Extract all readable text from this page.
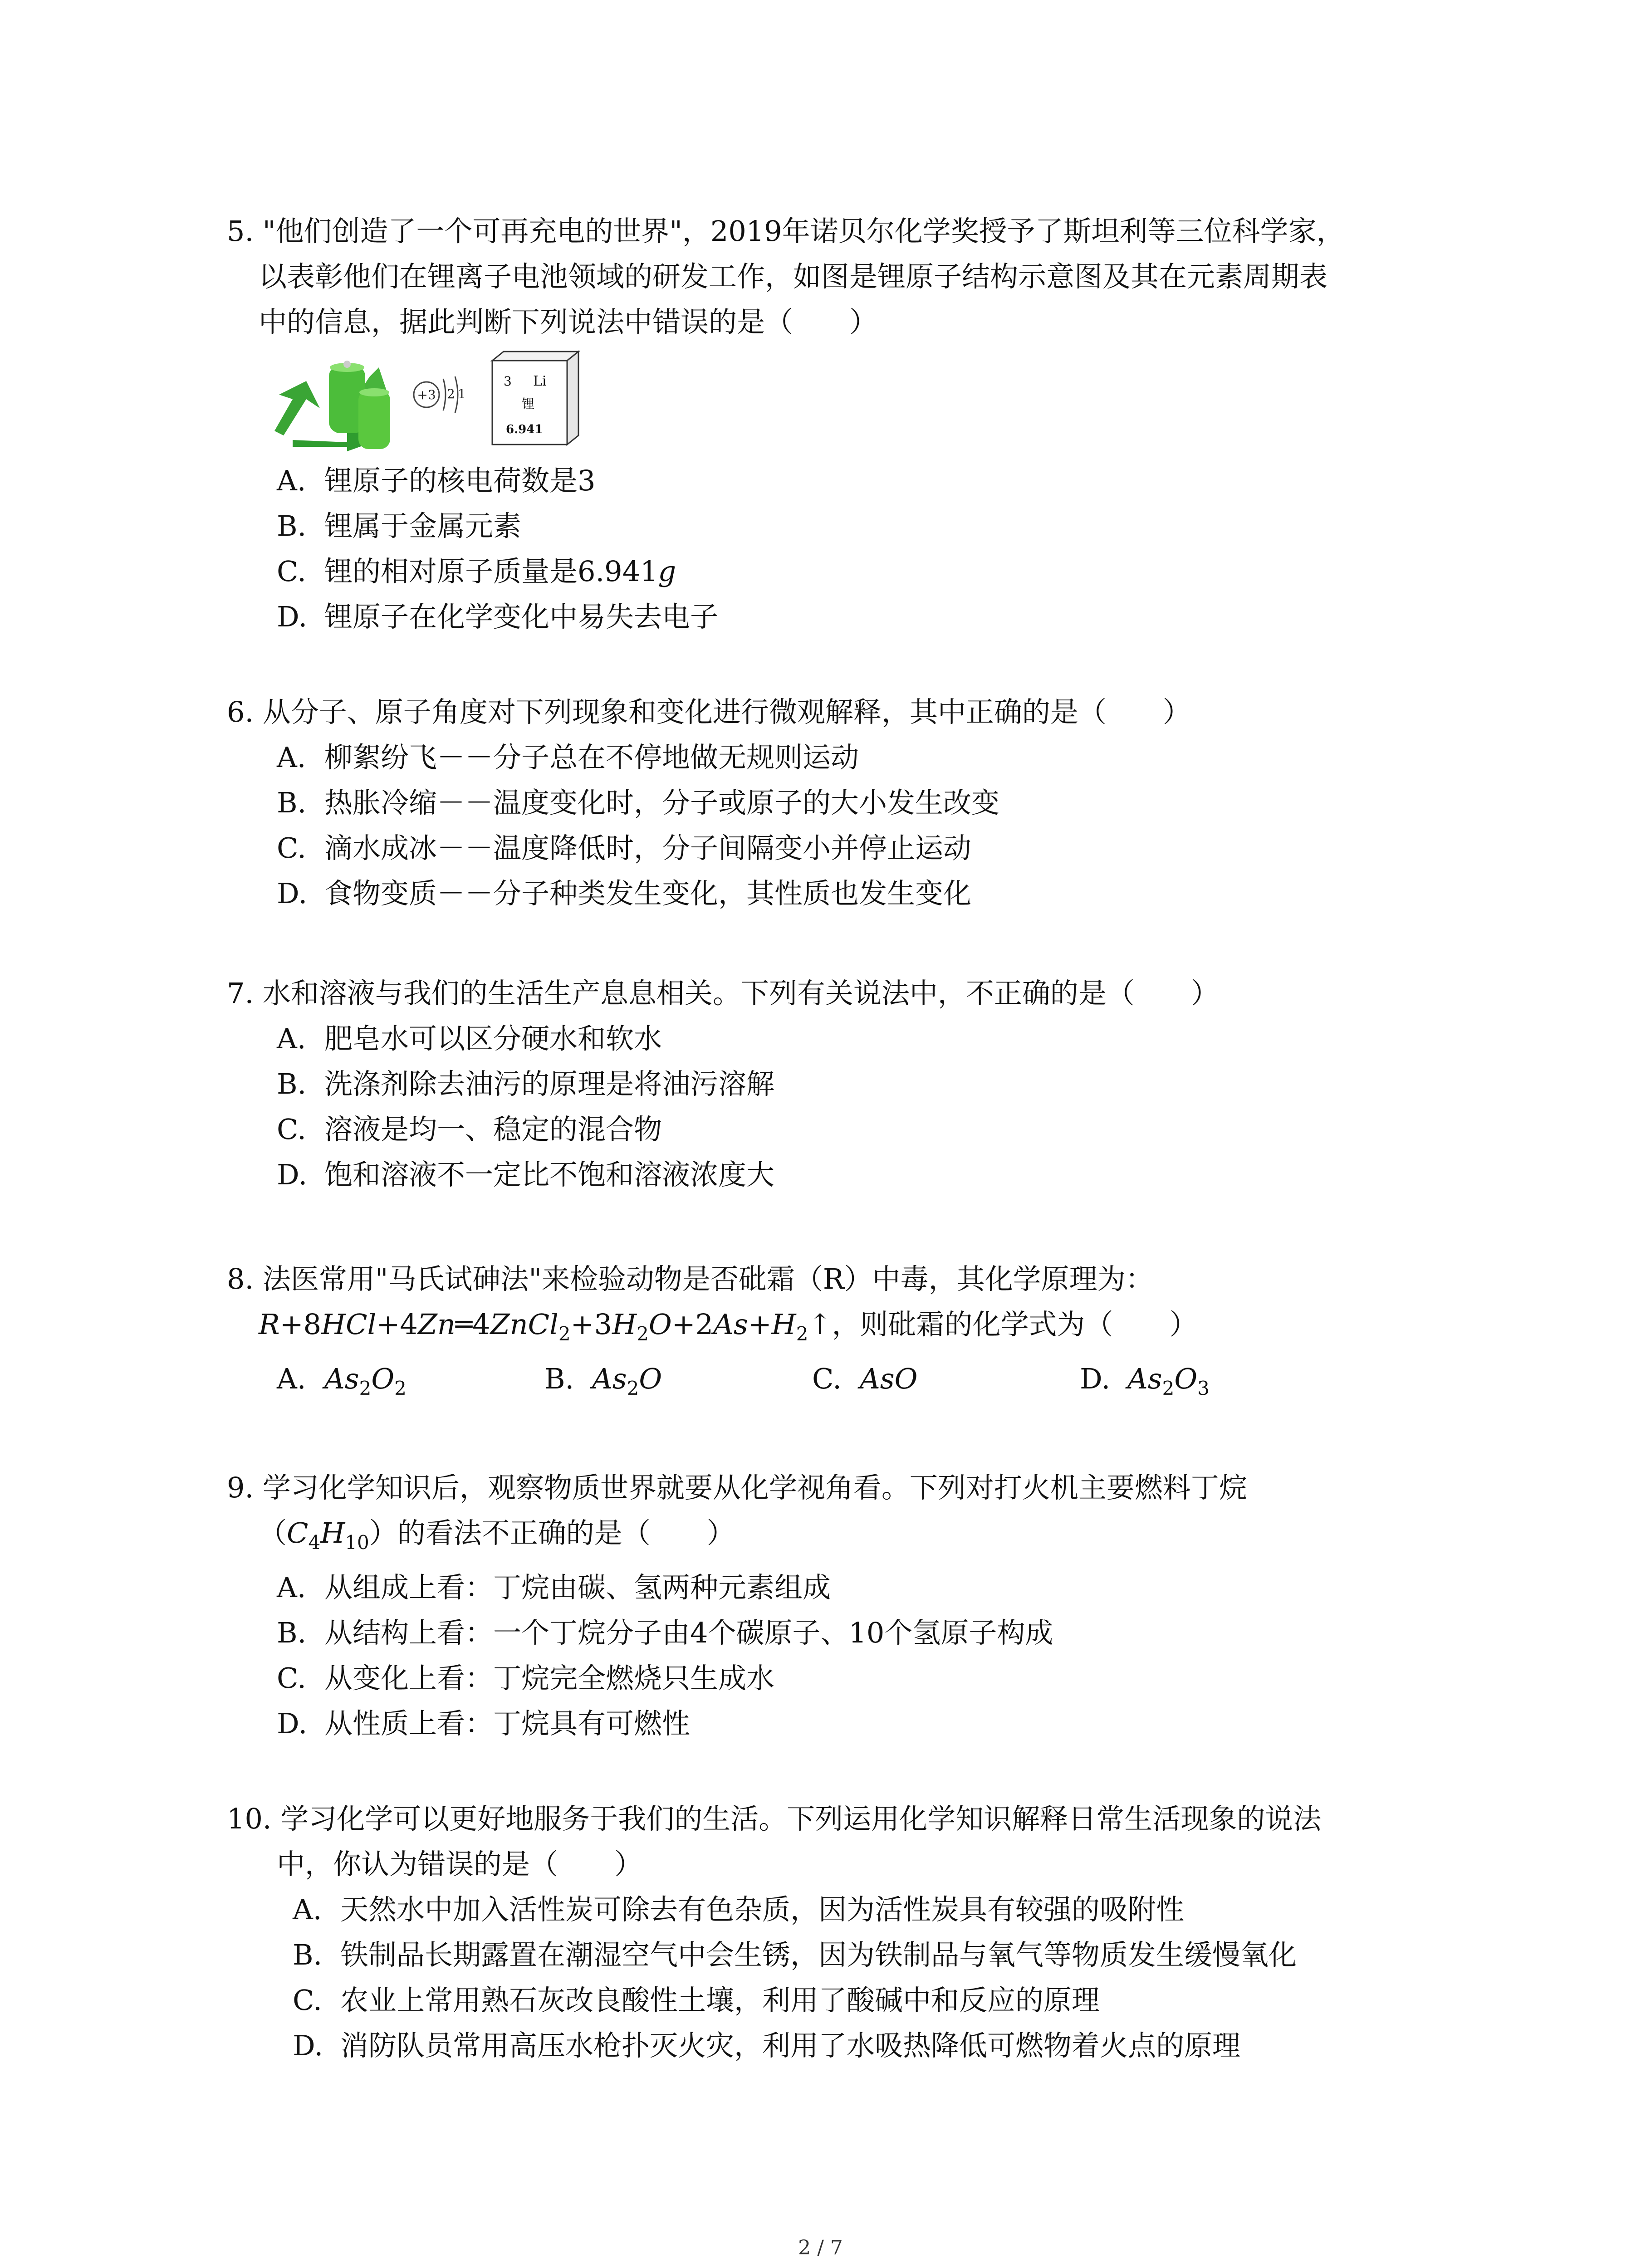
5. "他们创造了一个可再充电的世界"，2019年诺贝尔化学奖授予了斯坦利等三位科学家，
以表彰他们在锂离子电池领域的研发工作，如图是锂原子结构示意图及其在元素周期表
中的信息，据此判断下列说法中错误的是（　　）
+3 2 1
3 Li
锂
6.941
A. 锂原子的核电荷数是3
B. 锂属于金属元素
C. 锂的相对原子质量是6.941g
D. 锂原子在化学变化中易失去电子
6. 从分子、原子角度对下列现象和变化进行微观解释，其中正确的是（　　）
A. 柳絮纷飞－－分子总在不停地做无规则运动
B. 热胀冷缩－－温度变化时，分子或原子的大小发生改变
C. 滴水成冰－－温度降低时，分子间隔变小并停止运动
D. 食物变质－－分子种类发生变化，其性质也发生变化
7. 水和溶液与我们的生活生产息息相关。下列有关说法中，不正确的是（　　）
A. 肥皂水可以区分硬水和软水
B. 洗涤剂除去油污的原理是将油污溶解
C. 溶液是均一、稳定的混合物
D. 饱和溶液不一定比不饱和溶液浓度大
8. 法医常用"马氏试砷法"来检验动物是否砒霜（R）中毒，其化学原理为：
$R+8HCl+4Zn═4ZnCl_2+3H_2O+2As+H_2↑$，则砒霜的化学式为（　　）
A. $As_2O_2$	B. $As_2O$	C. AsO	D. $As_2O_3$
9. 学习化学知识后，观察物质世界就要从化学视角看。下列对打火机主要燃料丁烷
$(C_4H_{10})$的看法不正确的是（　　）
A. 从组成上看：丁烷由碳、氢两种元素组成
B. 从结构上看：一个丁烷分子由4个碳原子、10个氢原子构成
C. 从变化上看：丁烷完全燃烧只生成水
D. 从性质上看：丁烷具有可燃性
10. 学习化学可以更好地服务于我们的生活。下列运用化学知识解释日常生活现象的说法
中，你认为错误的是（　　）
A. 天然水中加入活性炭可除去有色杂质，因为活性炭具有较强的吸附性
B. 铁制品长期露置在潮湿空气中会生锈，因为铁制品与氧气等物质发生缓慢氧化
C. 农业上常用熟石灰改良酸性土壤，利用了酸碱中和反应的原理
D. 消防队员常用高压水枪扑灭火灾，利用了水吸热降低可燃物着火点的原理
2 / 7
